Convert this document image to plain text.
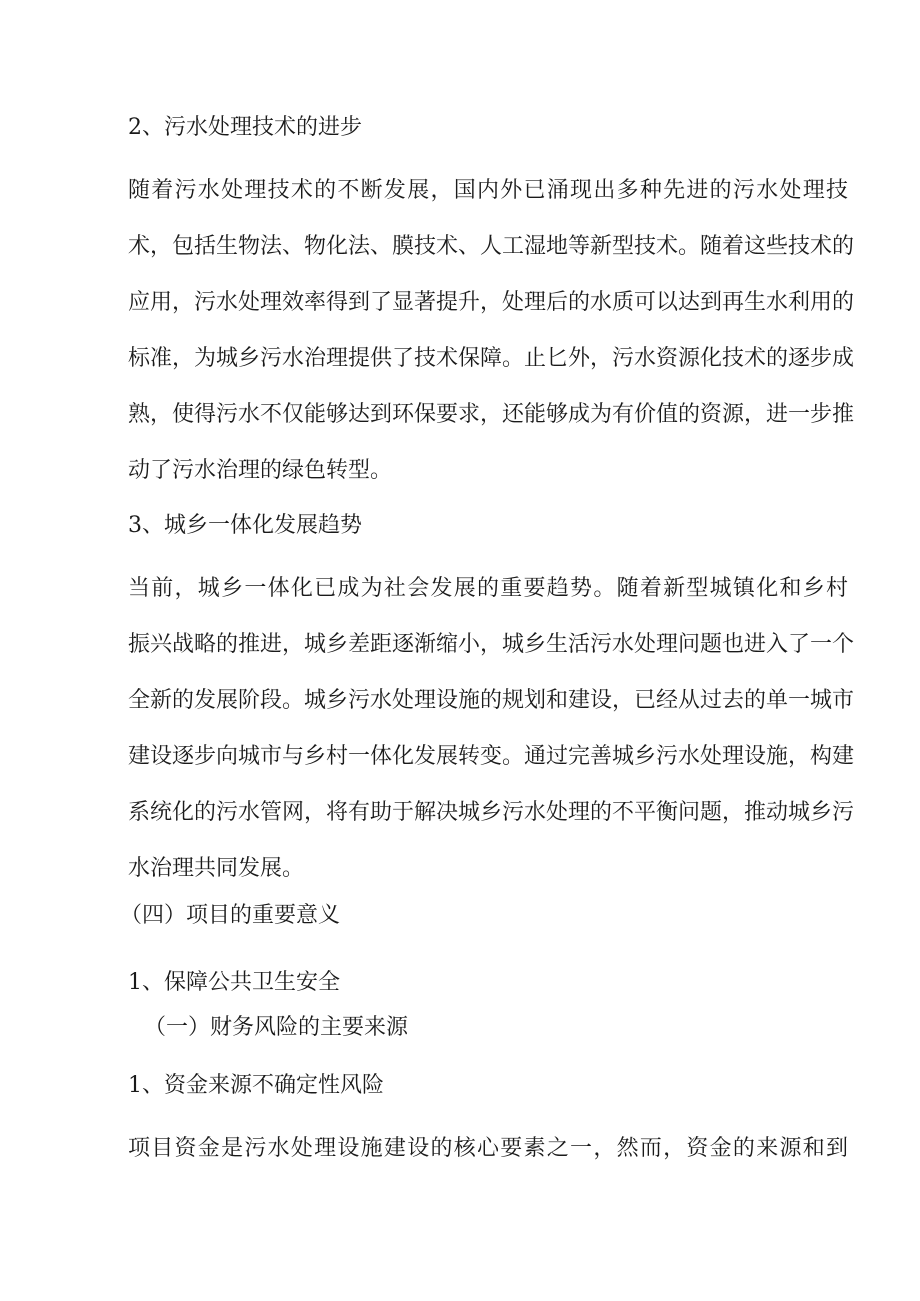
2、污水处理技术的进步
随着污水处理技术的不断发展，国内外已涌现出多种先进的污水处理技
术，包括生物法、物化法、膜技术、人工湿地等新型技术。随着这些技术的
应用，污水处理效率得到了显著提升，处理后的水质可以达到再生水利用的
标准，为城乡污水治理提供了技术保障。止匕外，污水资源化技术的逐步成
熟，使得污水不仅能够达到环保要求，还能够成为有价值的资源，进一步推
动了污水治理的绿色转型。
3、城乡一体化发展趋势
当前，城乡一体化已成为社会发展的重要趋势。随着新型城镇化和乡村
振兴战略的推进，城乡差距逐渐缩小，城乡生活污水处理问题也进入了一个
全新的发展阶段。城乡污水处理设施的规划和建设，已经从过去的单一城市
建设逐步向城市与乡村一体化发展转变。通过完善城乡污水处理设施，构建
系统化的污水管网，将有助于解决城乡污水处理的不平衡问题，推动城乡污
水治理共同发展。
（四）项目的重要意义
1、保障公共卫生安全
（一）财务风险的主要来源
1、资金来源不确定性风险
项目资金是污水处理设施建设的核心要素之一，然而，资金的来源和到
